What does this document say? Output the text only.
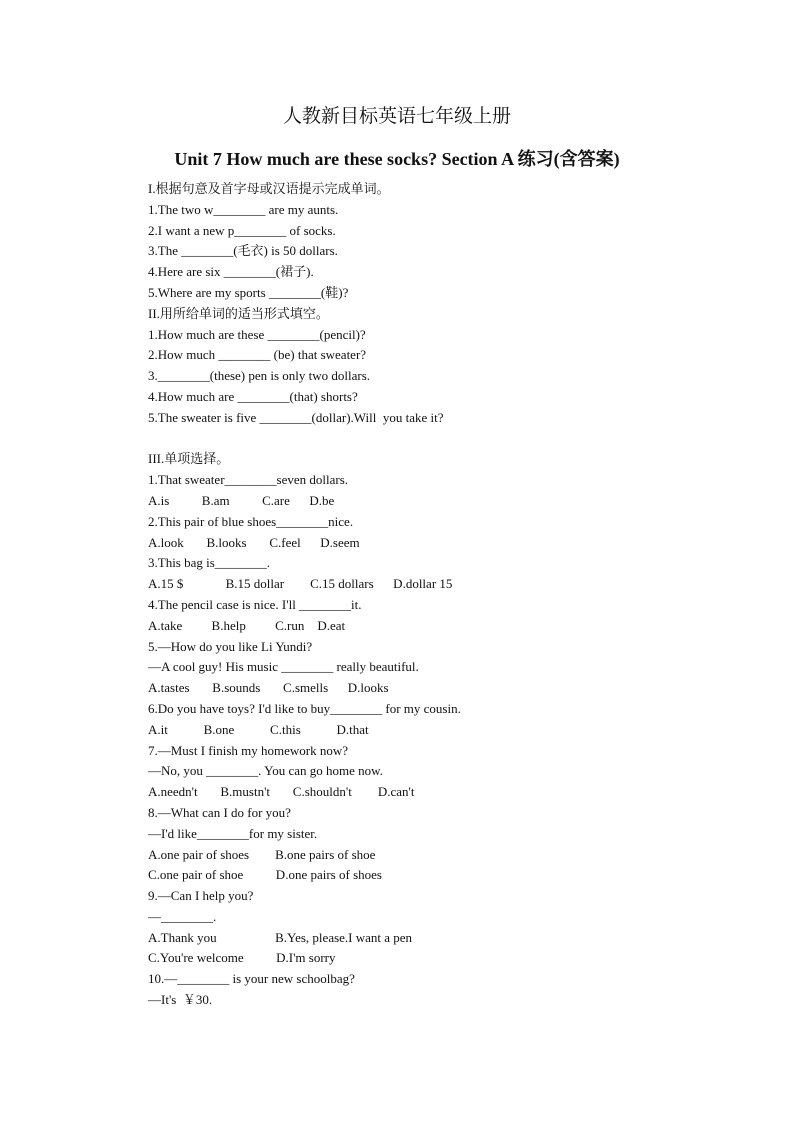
人教新目标英语七年级上册
Unit 7 How much are these socks? Section A 练习(含答案)
I.根据句意及首字母或汉语提示完成单词。
1.The two w________ are my aunts.
2.I want a new p________ of socks.
3.The ________(毛衣) is 50 dollars.
4.Here are six ________(裙子).
5.Where are my sports ________(鞋)?
II.用所给单词的适当形式填空。
1.How much are these ________(pencil)?
2.How much ________ (be) that sweater?
3.________(these) pen is only two dollars.
4.How much are ________(that) shorts?
5.The sweater is five ________(dollar).Will  you take it?
III.单项选择。
1.That sweater________seven dollars.
A.is          B.am          C.are      D.be
2.This pair of blue shoes________nice.
A.look       B.looks       C.feel      D.seem
3.This bag is________.
A.15 $             B.15 dollar        C.15 dollars      D.dollar 15
4.The pencil case is nice. I'll ________it.
A.take         B.help         C.run    D.eat
5.—How do you like Li Yundi?
—A cool guy! His music ________ really beautiful.
A.tastes       B.sounds       C.smells      D.looks
6.Do you have toys? I'd like to buy________ for my cousin.
A.it           B.one           C.this           D.that
7.—Must I finish my homework now?
—No, you ________. You can go home now.
A.needn't       B.mustn't       C.shouldn't        D.can't
8.—What can I do for you?
—I'd like________for my sister.
A.one pair of shoes        B.one pairs of shoe
C.one pair of shoe          D.one pairs of shoes
9.—Can I help you?
—________.
A.Thank you                  B.Yes, please.I want a pen
C.You're welcome          D.I'm sorry
10.—________ is your new schoolbag?
—It's  ￥30.
